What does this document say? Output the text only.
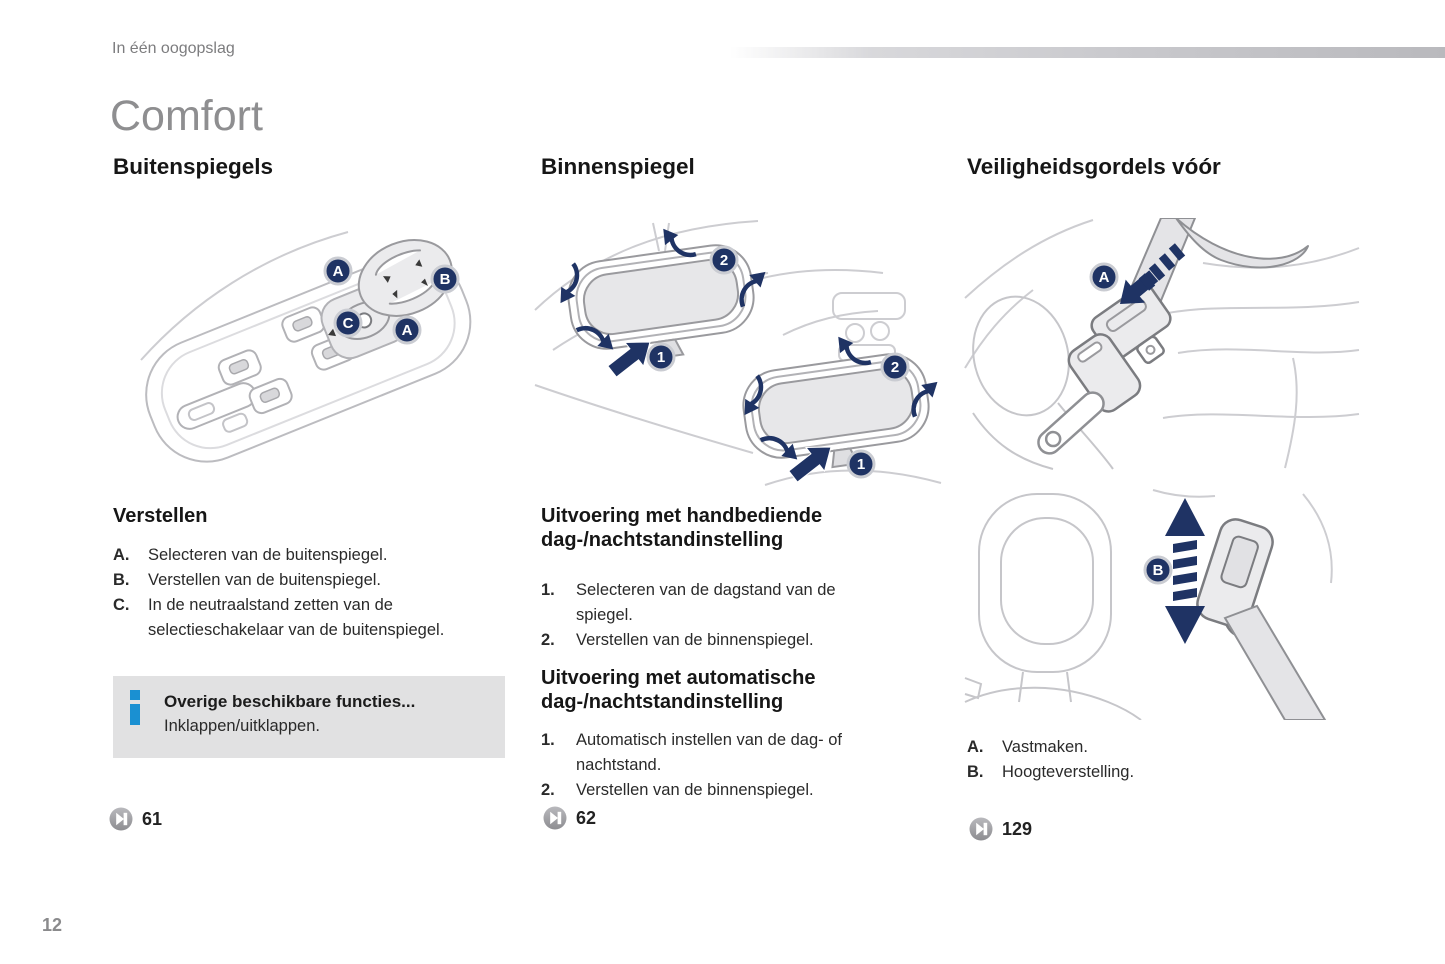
In één oogopslag
Comfort
Buitenspiegels	Binnenspiegel	Veiligheidsgordels vóór
A	B
C	A
2
1
2
1
A
B
Verstellen
A.	Selecteren van de buitenspiegel.
B.	Verstellen van de buitenspiegel.
C.	In de neutraalstand zetten van de selectieschakelaar van de buitenspiegel.
Overige beschikbare functies...
Inklappen/uitklappen.
61
Uitvoering met handbediende dag-/nachtstandinstelling
1.	Selecteren van de dagstand van de spiegel.
2.	Verstellen van de binnenspiegel.
Uitvoering met automatische dag-/nachtstandinstelling
1.	Automatisch instellen van de dag- of nachtstand.
2.	Verstellen van de binnenspiegel.
62
A.	Vastmaken.
B.	Hoogteverstelling.
129
12
